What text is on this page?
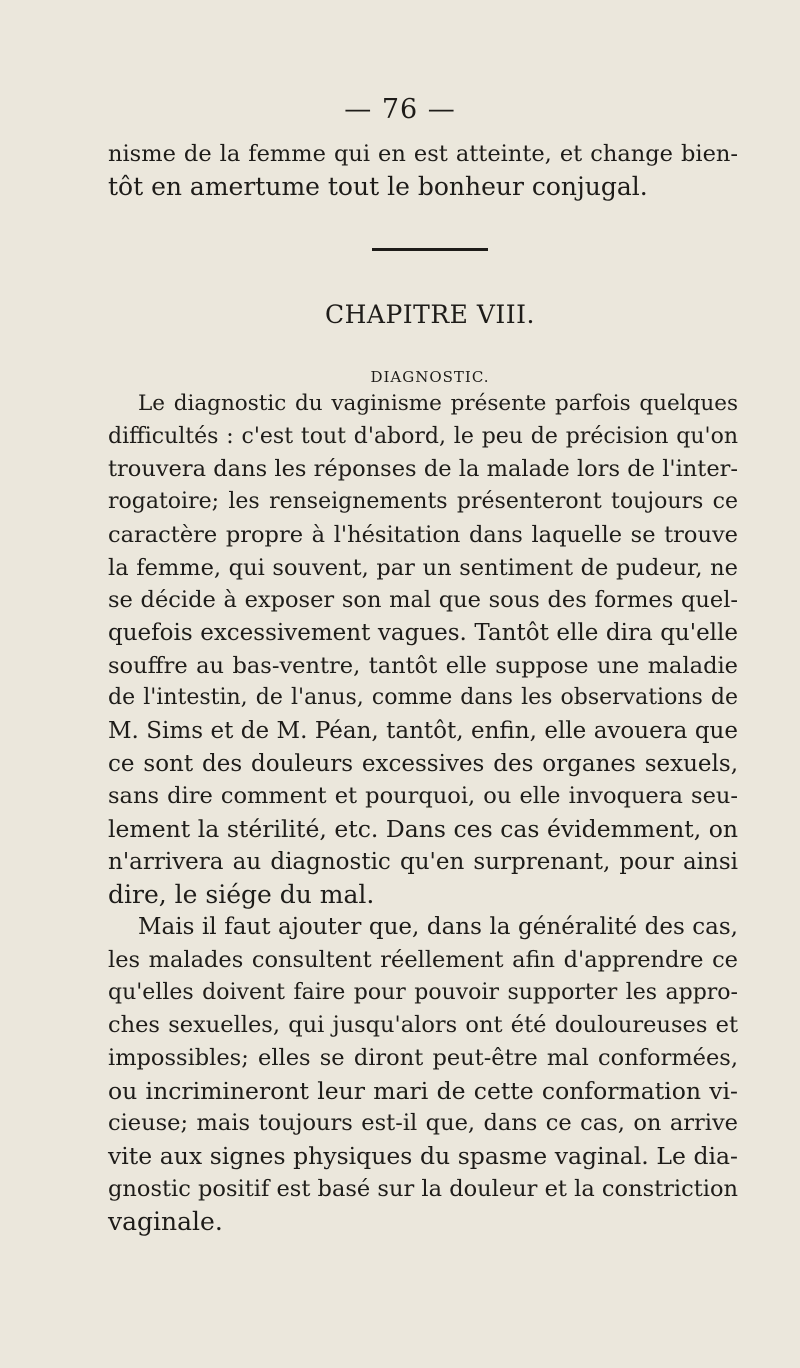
— 76 —
nisme de la femme qui en est atteinte, et change bien-
tôt en amertume tout le bonheur conjugal.
CHAPITRE VIII.
DIAGNOSTIC.
Le diagnostic du vaginisme présente parfois quelques
difficultés : c'est tout d'abord, le peu de précision qu'on
trouvera dans les réponses de la malade lors de l'inter-
rogatoire; les renseignements présenteront toujours ce
caractère propre à l'hésitation dans laquelle se trouve
la femme, qui souvent, par un sentiment de pudeur, ne
se décide à exposer son mal que sous des formes quel-
quefois excessivement vagues. Tantôt elle dira qu'elle
souffre au bas-ventre, tantôt elle suppose une maladie
de l'intestin, de l'anus, comme dans les observations de
M. Sims et de M. Péan, tantôt, enfin, elle avouera que
ce sont des douleurs excessives des organes sexuels,
sans dire comment et pourquoi, ou elle invoquera seu-
lement la stérilité, etc. Dans ces cas évidemment, on
n'arrivera au diagnostic qu'en surprenant, pour ainsi
dire, le siége du mal.
Mais il faut ajouter que, dans la généralité des cas,
les malades consultent réellement afin d'apprendre ce
qu'elles doivent faire pour pouvoir supporter les appro-
ches sexuelles, qui jusqu'alors ont été douloureuses et
impossibles; elles se diront peut-être mal conformées,
ou incrimineront leur mari de cette conformation vi-
cieuse; mais toujours est-il que, dans ce cas, on arrive
vite aux signes physiques du spasme vaginal. Le dia-
gnostic positif est basé sur la douleur et la constriction
vaginale.
